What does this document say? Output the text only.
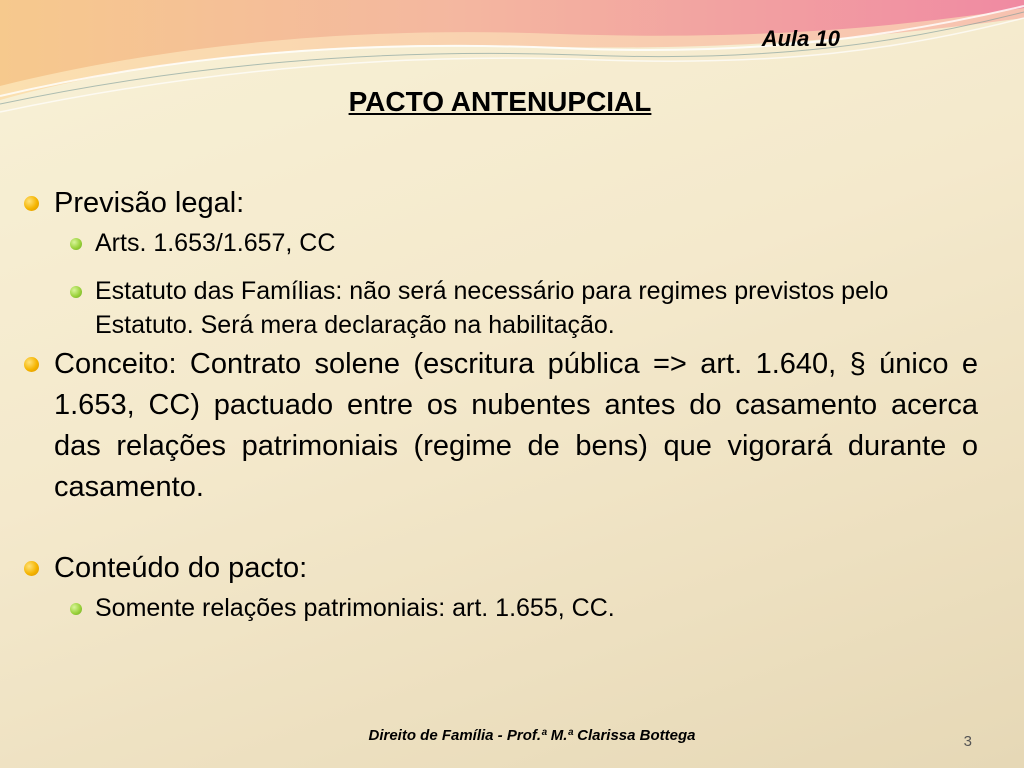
Aula 10
PACTO ANTENUPCIAL
Previsão legal:
Arts. 1.653/1.657, CC
Estatuto das Famílias: não será necessário para regimes previstos pelo Estatuto. Será mera declaração na habilitação.
Conceito: Contrato solene (escritura pública => art. 1.640, § único e 1.653, CC) pactuado entre os nubentes antes do casamento acerca das relações patrimoniais (regime de bens) que vigorará durante o casamento.
Conteúdo do pacto:
Somente relações patrimoniais: art. 1.655, CC.
Direito de Família - Prof.ª M.ª Clarissa Bottega	3
